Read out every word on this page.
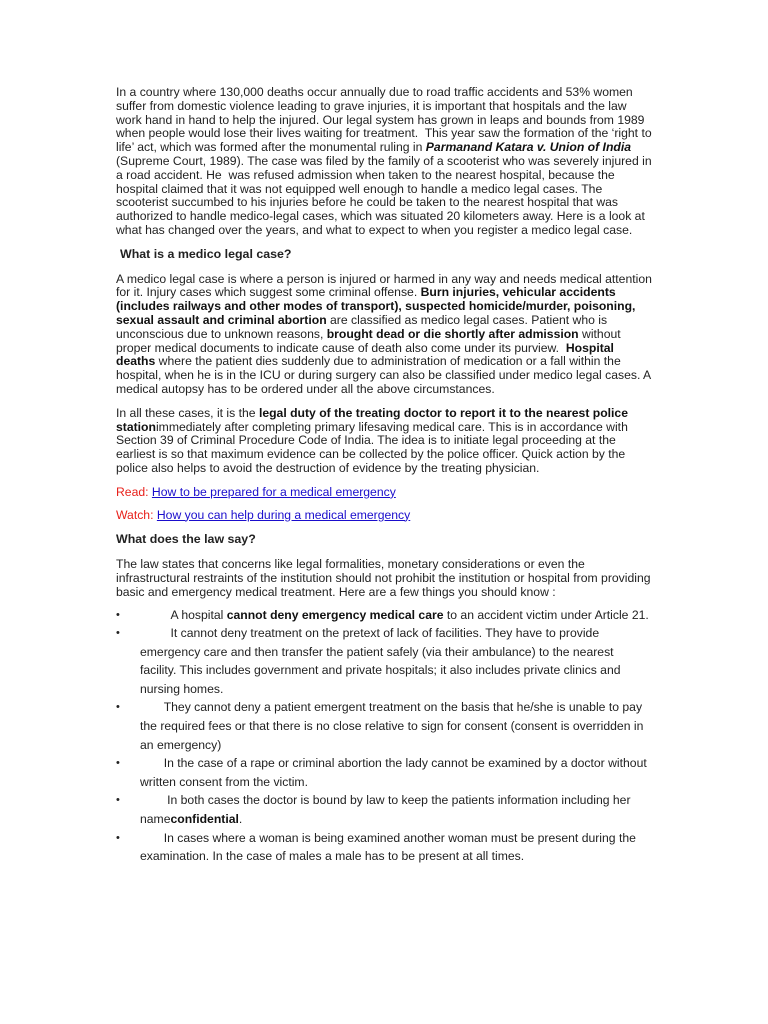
In a country where 130,000 deaths occur annually due to road traffic accidents and 53% women suffer from domestic violence leading to grave injuries, it is important that hospitals and the law work hand in hand to help the injured. Our legal system has grown in leaps and bounds from 1989 when people would lose their lives waiting for treatment.  This year saw the formation of the ‘right to life’ act, which was formed after the monumental ruling in Parmanand Katara v. Union of India (Supreme Court, 1989). The case was filed by the family of a scooterist who was severely injured in a road accident. He  was refused admission when taken to the nearest hospital, because the hospital claimed that it was not equipped well enough to handle a medico legal cases. The scooterist succumbed to his injuries before he could be taken to the nearest hospital that was authorized to handle medico-legal cases, which was situated 20 kilometers away. Here is a look at what has changed over the years, and what to expect to when you register a medico legal case.

What is a medico legal case?

A medico legal case is where a person is injured or harmed in any way and needs medical attention for it. Injury cases which suggest some criminal offense. Burn injuries, vehicular accidents (includes railways and other modes of transport), suspected homicide/murder, poisoning, sexual assault and criminal abortion are classified as medico legal cases. Patient who is unconscious due to unknown reasons, brought dead or die shortly after admission without proper medical documents to indicate cause of death also come under its purview.  Hospital deaths where the patient dies suddenly due to administration of medication or a fall within the hospital, when he is in the ICU or during surgery can also be classified under medico legal cases. A medical autopsy has to be ordered under all the above circumstances.

In all these cases, it is the legal duty of the treating doctor to report it to the nearest police stationimmediately after completing primary lifesaving medical care. This is in accordance with Section 39 of Criminal Procedure Code of India. The idea is to initiate legal proceeding at the earliest is so that maximum evidence can be collected by the police officer. Quick action by the police also helps to avoid the destruction of evidence by the treating physician.

Read: How to be prepared for a medical emergency

Watch: How you can help during a medical emergency

What does the law say?

The law states that concerns like legal formalities, monetary considerations or even the infrastructural restraints of the institution should not prohibit the institution or hospital from providing basic and emergency medical treatment. Here are a few things you should know :

• A hospital cannot deny emergency medical care to an accident victim under Article 21.
• It cannot deny treatment on the pretext of lack of facilities. They have to provide emergency care and then transfer the patient safely (via their ambulance) to the nearest facility. This includes government and private hospitals; it also includes private clinics and nursing homes.
• They cannot deny a patient emergent treatment on the basis that he/she is unable to pay the required fees or that there is no close relative to sign for consent (consent is overridden in an emergency)
• In the case of a rape or criminal abortion the lady cannot be examined by a doctor without written consent from the victim.
• In both cases the doctor is bound by law to keep the patients information including her nameconfidential.
• In cases where a woman is being examined another woman must be present during the examination. In the case of males a male has to be present at all times.
